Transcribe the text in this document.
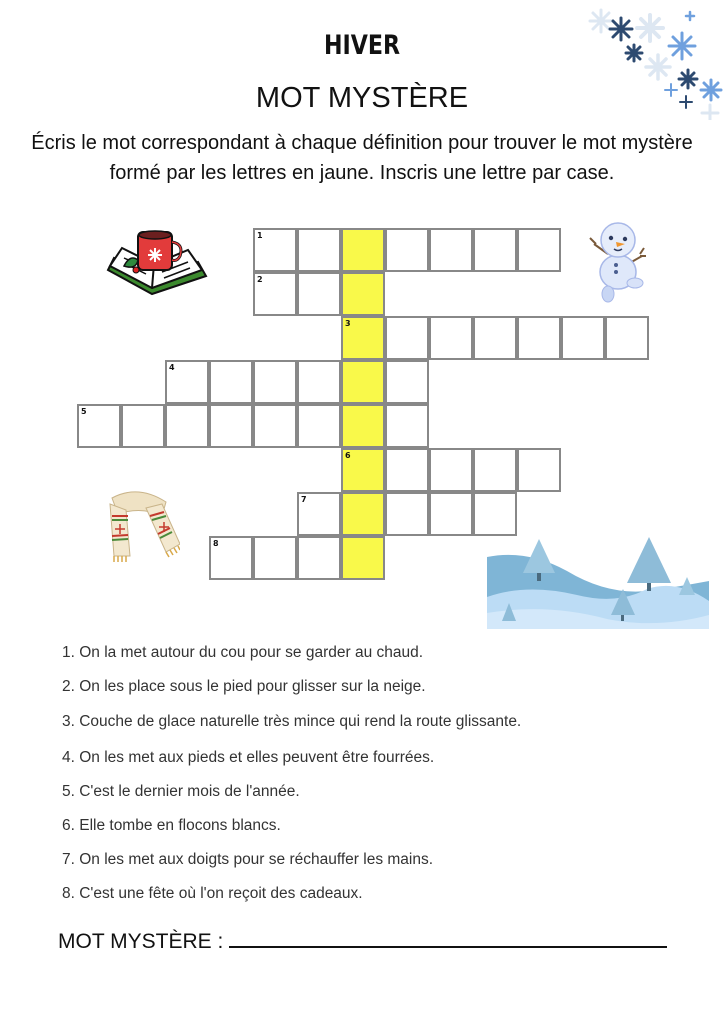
HIVER
MOT MYSTÈRE
Écris le mot correspondant à chaque définition pour trouver le mot mystère formé par les lettres en jaune. Inscris une lettre par case.
1
2
3
4
5
6
7
8
1. On la met autour du cou pour se garder au chaud.
2. On les place sous le pied pour glisser sur la neige.
3. Couche de glace naturelle très mince qui rend la route glissante.
4. On les met aux pieds et elles peuvent être fourrées.
5. C'est le dernier mois de l'année.
6. Elle tombe en flocons blancs.
7. On les met aux doigts pour se réchauffer les mains.
8. C'est une fête où l'on reçoit des cadeaux.
MOT MYSTÈRE :
